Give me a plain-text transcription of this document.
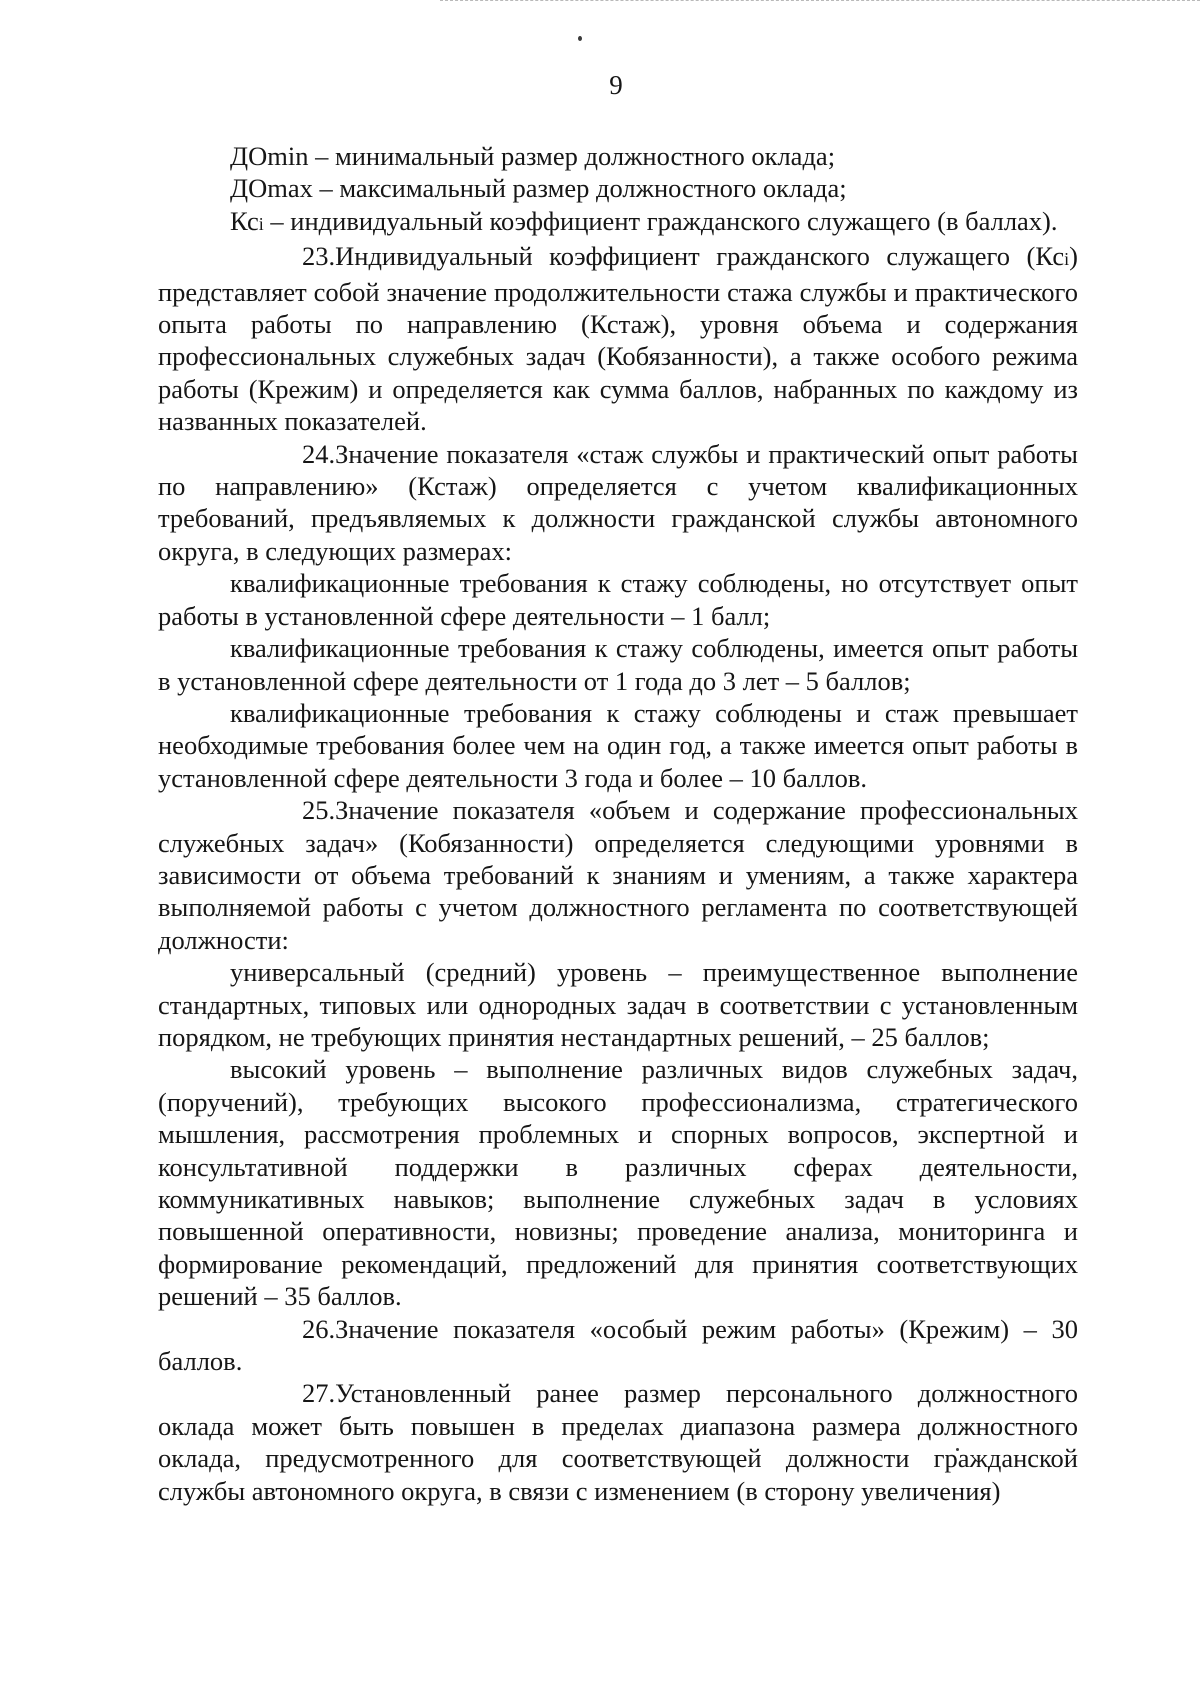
9

ДОmin – минимальный размер должностного оклада;

ДОmax – максимальный размер должностного оклада;

Ксi – индивидуальный коэффициент гражданского служащего (в баллах).

23.Индивидуальный коэффициент гражданского служащего (Ксi) представляет собой значение продолжительности стажа службы и практического опыта работы по направлению (Кстаж), уровня объема и содержания профессиональных служебных задач (Кобязанности), а также особого режима работы (Крежим) и определяется как сумма баллов, набранных по каждому из названных показателей.

24.Значение показателя «стаж службы и практический опыт работы по направлению» (Кстаж) определяется с учетом квалификационных требований, предъявляемых к должности гражданской службы автономного округа, в следующих размерах:

квалификационные требования к стажу соблюдены, но отсутствует опыт работы в установленной сфере деятельности – 1 балл;

квалификационные требования к стажу соблюдены, имеется опыт работы в установленной сфере деятельности от 1 года до 3 лет – 5 баллов;

квалификационные требования к стажу соблюдены и стаж превышает необходимые требования более чем на один год, а также имеется опыт работы в установленной сфере деятельности 3 года и более – 10 баллов.

25.Значение показателя «объем и содержание профессиональных служебных задач» (Кобязанности) определяется следующими уровнями в зависимости от объема требований к знаниям и умениям, а также характера выполняемой работы с учетом должностного регламента по соответствующей должности:

универсальный (средний) уровень – преимущественное выполнение стандартных, типовых или однородных задач в соответствии с установленным порядком, не требующих принятия нестандартных решений, – 25 баллов;

высокий уровень – выполнение различных видов служебных задач, (поручений), требующих высокого профессионализма, стратегического мышления, рассмотрения проблемных и спорных вопросов, экспертной и консультативной поддержки в различных сферах деятельности, коммуникативных навыков; выполнение служебных задач в условиях повышенной оперативности, новизны; проведение анализа, мониторинга и формирование рекомендаций, предложений для принятия соответствующих решений – 35 баллов.

26.Значение показателя «особый режим работы» (Крежим) – 30 баллов.

27.Установленный ранее размер персонального должностного оклада может быть повышен в пределах диапазона размера должностного оклада, предусмотренного для соответствующей должности гражданской службы автономного округа, в связи с изменением (в сторону увеличения)
